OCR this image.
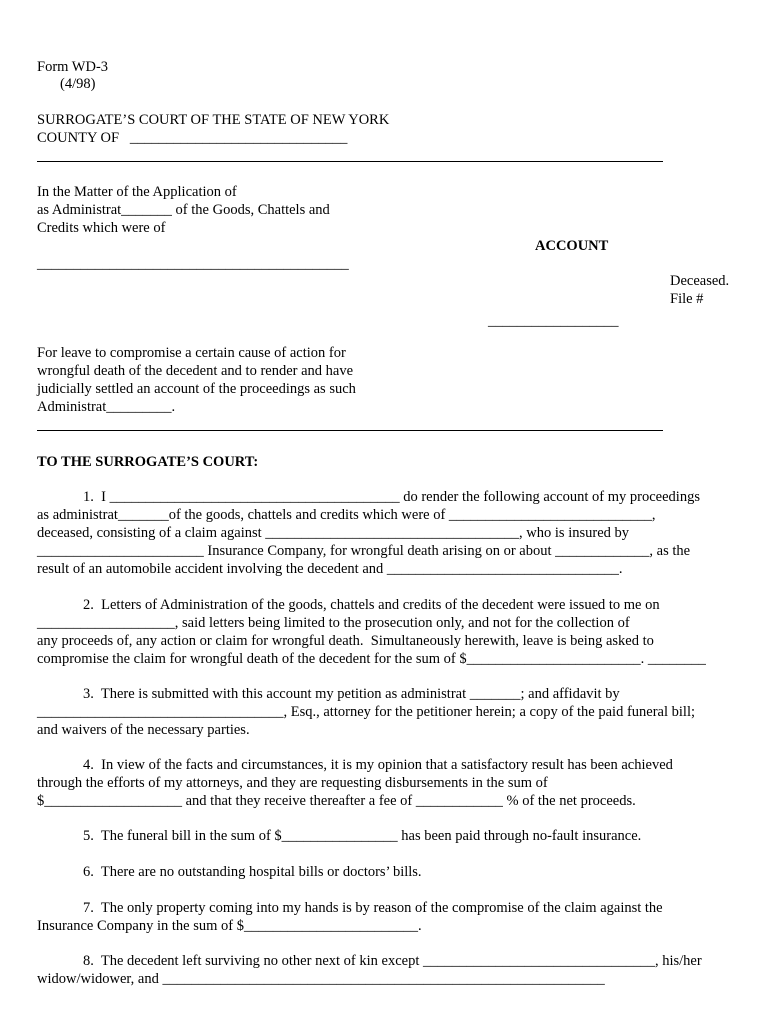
Form WD-3
(4/98)
SURROGATE’S COURT OF THE STATE OF NEW YORK
COUNTY OF   ______________________________
In the Matter of the Application of
as Administrat_______ of the Goods, Chattels and
Credits which were of
ACCOUNT
___________________________________________
Deceased.
File #
__________________
For leave to compromise a certain cause of action for
wrongful death of the decedent and to render and have
judicially settled an account of the proceedings as such
Administrat_________.
TO THE SURROGATE’S COURT:
1.  I ________________________________________ do render the following account of my proceedings
as administrat_______of the goods, chattels and credits which were of ____________________________,
deceased, consisting of a claim against ___________________________________, who is insured by
_______________________ Insurance Company, for wrongful death arising on or about _____________, as the
result of an automobile accident involving the decedent and ________________________________.
2.  Letters of Administration of the goods, chattels and credits of the decedent were issued to me on
___________________, said letters being limited to the prosecution only, and not for the collection of
any proceeds of, any action or claim for wrongful death.  Simultaneously herewith, leave is being asked to
compromise the claim for wrongful death of the decedent for the sum of $________________________. ________
3.  There is submitted with this account my petition as administrat _______; and affidavit by
__________________________________, Esq., attorney for the petitioner herein; a copy of the paid funeral bill;
and waivers of the necessary parties.
4.  In view of the facts and circumstances, it is my opinion that a satisfactory result has been achieved
through the efforts of my attorneys, and they are requesting disbursements in the sum of
$___________________ and that they receive thereafter a fee of ____________ % of the net proceeds.
5.  The funeral bill in the sum of $________________ has been paid through no-fault insurance.
6.  There are no outstanding hospital bills or doctors’ bills.
7.  The only property coming into my hands is by reason of the compromise of the claim against the
Insurance Company in the sum of $________________________.
8.  The decedent left surviving no other next of kin except ________________________________, his/her
widow/widower, and _____________________________________________________________
